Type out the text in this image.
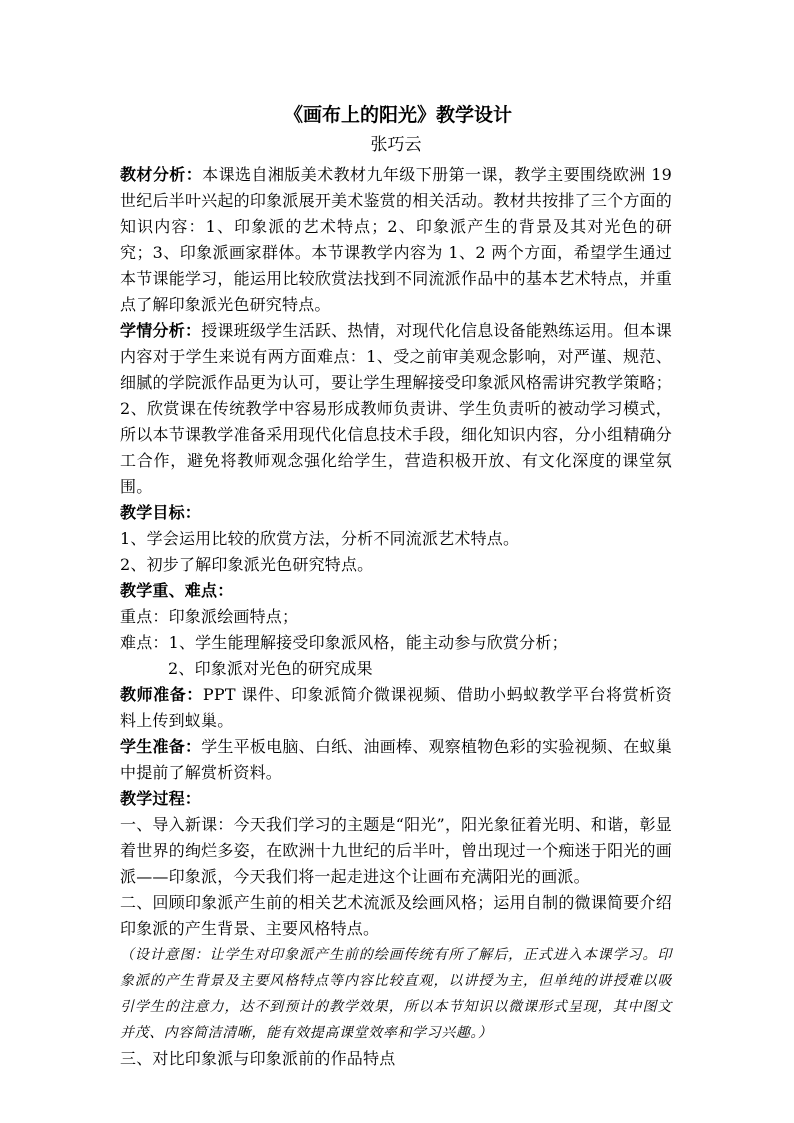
《画布上的阳光》教学设计
张巧云

教材分析：本课选自湘版美术教材九年级下册第一课，教学主要围绕欧洲 19 世纪后半叶兴起的印象派展开美术鉴赏的相关活动。教材共按排了三个方面的知识内容：1、印象派的艺术特点；2、印象派产生的背景及其对光色的研究；3、印象派画家群体。本节课教学内容为 1、2 两个方面，希望学生通过本节课能学习，能运用比较欣赏法找到不同流派作品中的基本艺术特点，并重点了解印象派光色研究特点。

学情分析：授课班级学生活跃、热情，对现代化信息设备能熟练运用。但本课内容对于学生来说有两方面难点：1、受之前审美观念影响，对严谨、规范、细腻的学院派作品更为认可，要让学生理解接受印象派风格需讲究教学策略；2、欣赏课在传统教学中容易形成教师负责讲、学生负责听的被动学习模式，所以本节课教学准备采用现代化信息技术手段，细化知识内容，分小组精确分工合作，避免将教师观念强化给学生，营造积极开放、有文化深度的课堂氛围。

教学目标：

1、学会运用比较的欣赏方法，分析不同流派艺术特点。

2、初步了解印象派光色研究特点。

教学重、难点：

重点：印象派绘画特点；

难点：1、学生能理解接受印象派风格，能主动参与欣赏分析；

2、印象派对光色的研究成果

教师准备：PPT 课件、印象派简介微课视频、借助小蚂蚁教学平台将赏析资料上传到蚁巢。

学生准备：学生平板电脑、白纸、油画棒、观察植物色彩的实验视频、在蚁巢中提前了解赏析资料。

教学过程：

一、导入新课：今天我们学习的主题是“阳光”，阳光象征着光明、和谐，彰显着世界的绚烂多姿，在欧洲十九世纪的后半叶，曾出现过一个痴迷于阳光的画派——印象派，今天我们将一起走进这个让画布充满阳光的画派。

二、回顾印象派产生前的相关艺术流派及绘画风格；运用自制的微课简要介绍印象派的产生背景、主要风格特点。

（设计意图：让学生对印象派产生前的绘画传统有所了解后，正式进入本课学习。印象派的产生背景及主要风格特点等内容比较直观，以讲授为主，但单纯的讲授难以吸引学生的注意力，达不到预计的教学效果，所以本节知识以微课形式呈现，其中图文并茂、内容简洁清晰，能有效提高课堂效率和学习兴趣。）

三、对比印象派与印象派前的作品特点
